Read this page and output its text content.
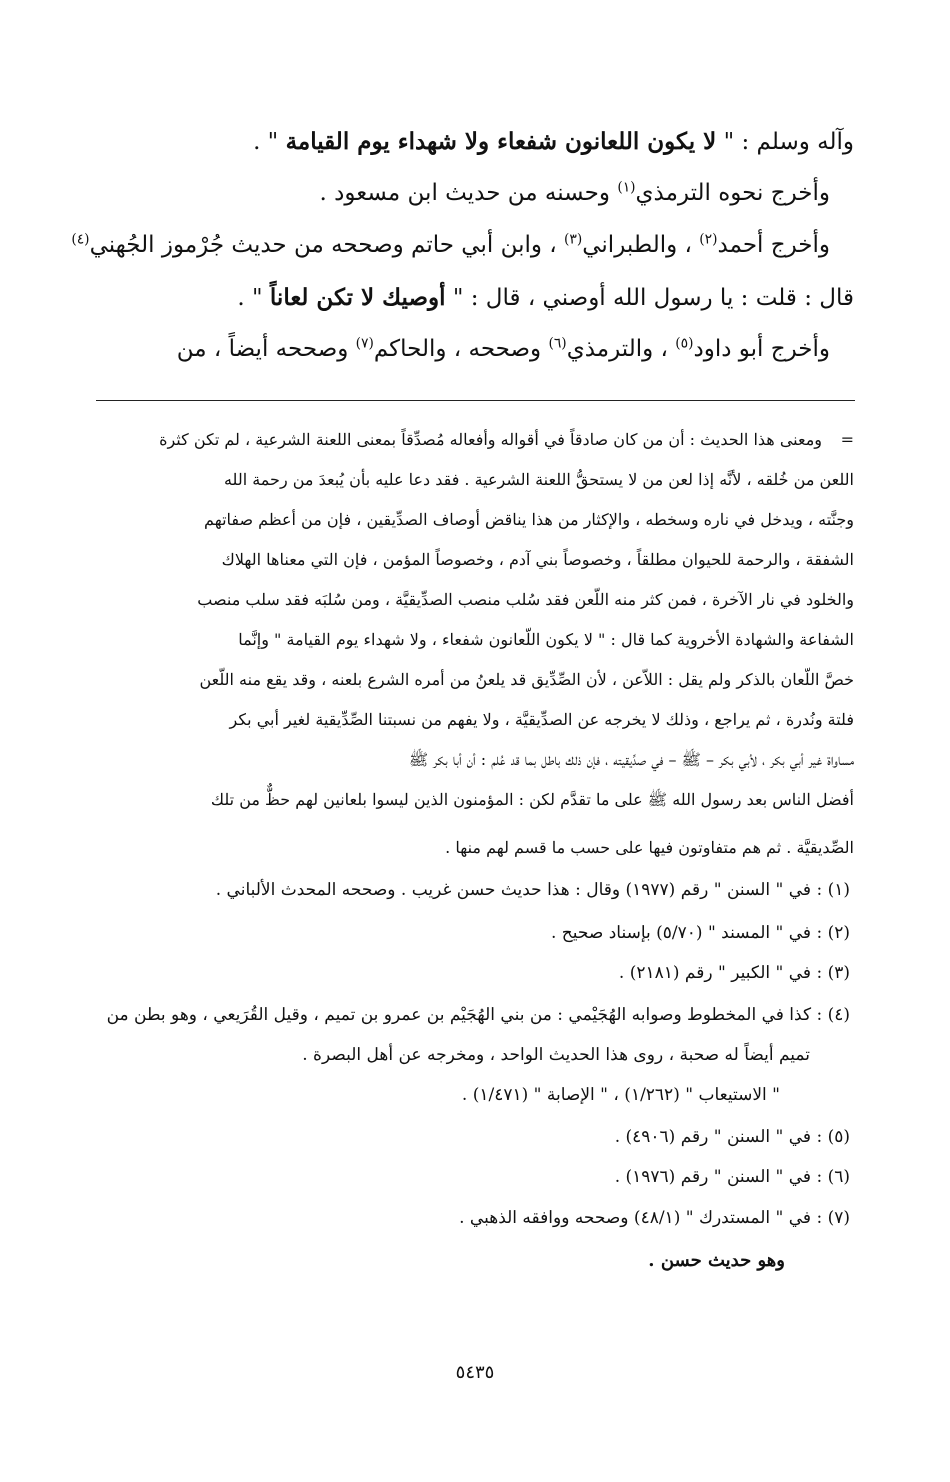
وآله وسلم : " لا يكون اللعانون شفعاء ولا شهداء يوم القيامة " .
وأخرج نحوه الترمذي$^{(١)}$ وحسنه من حديث ابن مسعود .
وأخرج أحمد$^{(٢)}$ ، والطبراني$^{(٣)}$ ، وابن أبي حاتم وصححه من حديث جُرْموز الجُهني$^{(٤)}$
قال : قلت : يا رسول الله أوصني ، قال : " أوصيك لا تكن لعاناً " .
وأخرج أبو داود$^{(٥)}$ ، والترمذي$^{(٦)}$ وصححه ، والحاكم$^{(٧)}$ وصححه أيضاً ، من
=
ومعنى هذا الحديث : أن من كان صادقاً في أقواله وأفعاله مُصدِّقاً بمعنى اللعنة الشرعية ، لم تكن كثرة
اللعن من خُلقه ، لأنَّه إذا لعن من لا يستحقُّ اللعنة الشرعية . فقد دعا عليه بأن يُبعدَ من رحمة الله
وجنَّته ، ويدخل في ناره وسخطه ، والإكثار من هذا يناقض أوصاف الصدِّيقين ، فإن من أعظم صفاتهم
الشفقة ، والرحمة للحيوان مطلقاً ، وخصوصاً بني آدم ، وخصوصاً المؤمن ، فإن التي معناها الهلاك
والخلود في نار الآخرة ، فمن كثر منه اللّعن فقد سُلب منصب الصدِّيقيَّة ، ومن سُلبَه فقد سلب منصب
الشفاعة والشهادة الأخروية كما قال : " لا يكون اللّعانون شفعاء ، ولا شهداء يوم القيامة " وإنَّما
خصَّ اللّعان بالذكر ولم يقل : اللاّعن ، لأن الصِّدِّيق قد يلعنُ من أمره الشرع بلعنه ، وقد يقع منه اللّعن
فلتة ونُدرة ، ثم يراجع ، وذلك لا يخرجه عن الصدِّيقيَّة ، ولا يفهم من نسبتنا الصِّدِّيقية لغير أبي بكر
مساواة غير أبي بكر ، لأبي بكر – ﷺ – في صدِّيقيته ، فإن ذلك باطل بما قد عُلم : أن أبا بكر ﷺ
أفضل الناس بعد رسول الله ﷺ على ما تقدَّم لكن : المؤمنون الذين ليسوا بلعانين لهم حظٌّ من تلك
الصِّديقيَّة . ثم هم متفاوتون فيها على حسب ما قسم لهم منها .
(١) : في " السنن " رقم (١٩٧٧) وقال : هذا حديث حسن غريب . وصححه المحدث الألباني .
(٢) : في " المسند " (٥/٧٠) بإسناد صحيح .
(٣) : في " الكبير " رقم (٢١٨١) .
(٤) : كذا في المخطوط وصوابه الهُجَيْمي : من بني الهُجَيْم بن عمرو بن تميم ، وقيل القُرَيعي ، وهو بطن من
تميم أيضاً له صحبة ، روى هذا الحديث الواحد ، ومخرجه عن أهل البصرة .
" الاستيعاب " (١/٢٦٢) ، " الإصابة " (١/٤٧١) .
(٥) : في " السنن " رقم (٤٩٠٦) .
(٦) : في " السنن " رقم (١٩٧٦) .
(٧) : في " المستدرك " (٤٨/١) وصححه ووافقه الذهبي .
وهو حديث حسن .
٥٤٣٥
